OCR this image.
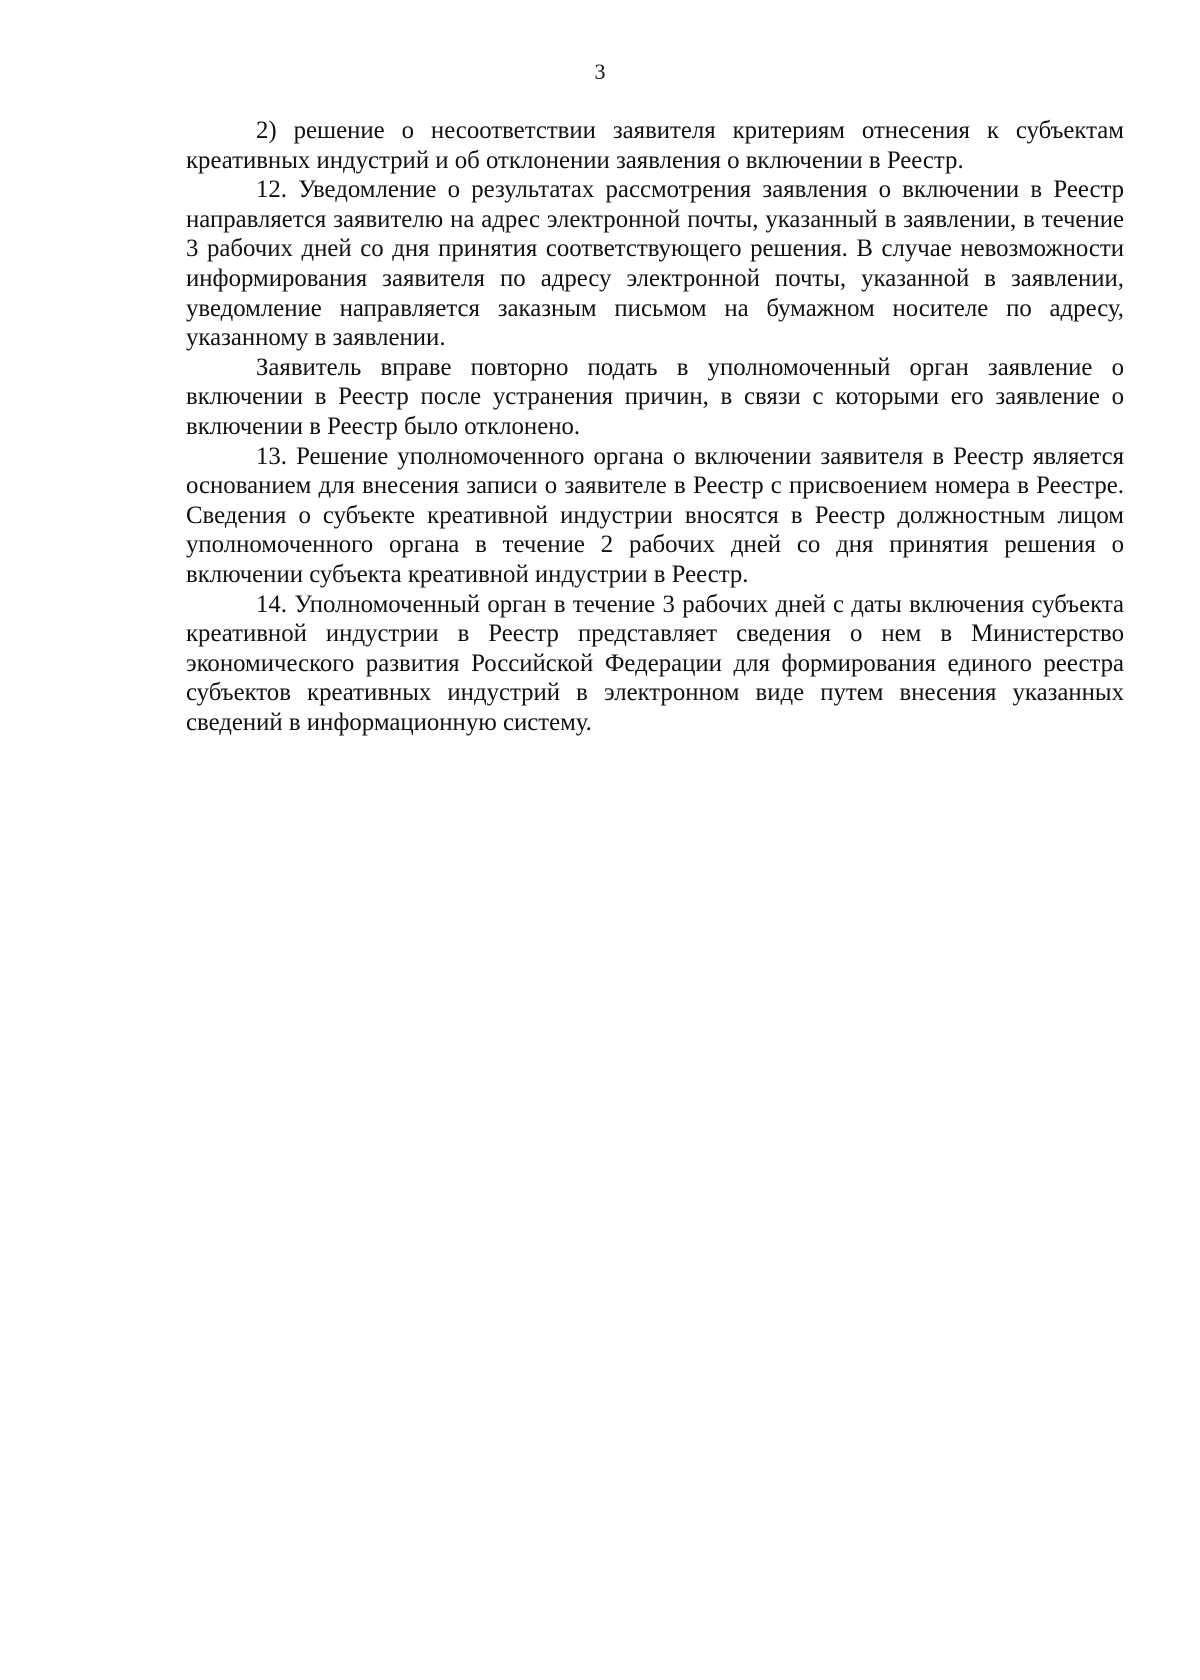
3

2) решение о несоответствии заявителя критериям отнесения к субъектам креативных индустрий и об отклонении заявления о включении в Реестр.

12. Уведомление о результатах рассмотрения заявления о включении в Реестр направляется заявителю на адрес электронной почты, указанный в заявлении, в течение 3 рабочих дней со дня принятия соответствующего решения. В случае невозможности информирования заявителя по адресу электронной почты, указанной в заявлении, уведомление направляется заказным письмом на бумажном носителе по адресу, указанному в заявлении.

Заявитель вправе повторно подать в уполномоченный орган заявление о включении в Реестр после устранения причин, в связи с которыми его заявление о включении в Реестр было отклонено.

13. Решение уполномоченного органа о включении заявителя в Реестр является основанием для внесения записи о заявителе в Реестр с присвоением номера в Реестре. Сведения о субъекте креативной индустрии вносятся в Реестр должностным лицом уполномоченного органа в течение 2 рабочих дней со дня принятия решения о включении субъекта креативной индустрии в Реестр.

14. Уполномоченный орган в течение 3 рабочих дней с даты включения субъекта креативной индустрии в Реестр представляет сведения о нем в Министерство экономического развития Российской Федерации для формирования единого реестра субъектов креативных индустрий в электронном виде путем внесения указанных сведений в информационную систему.
